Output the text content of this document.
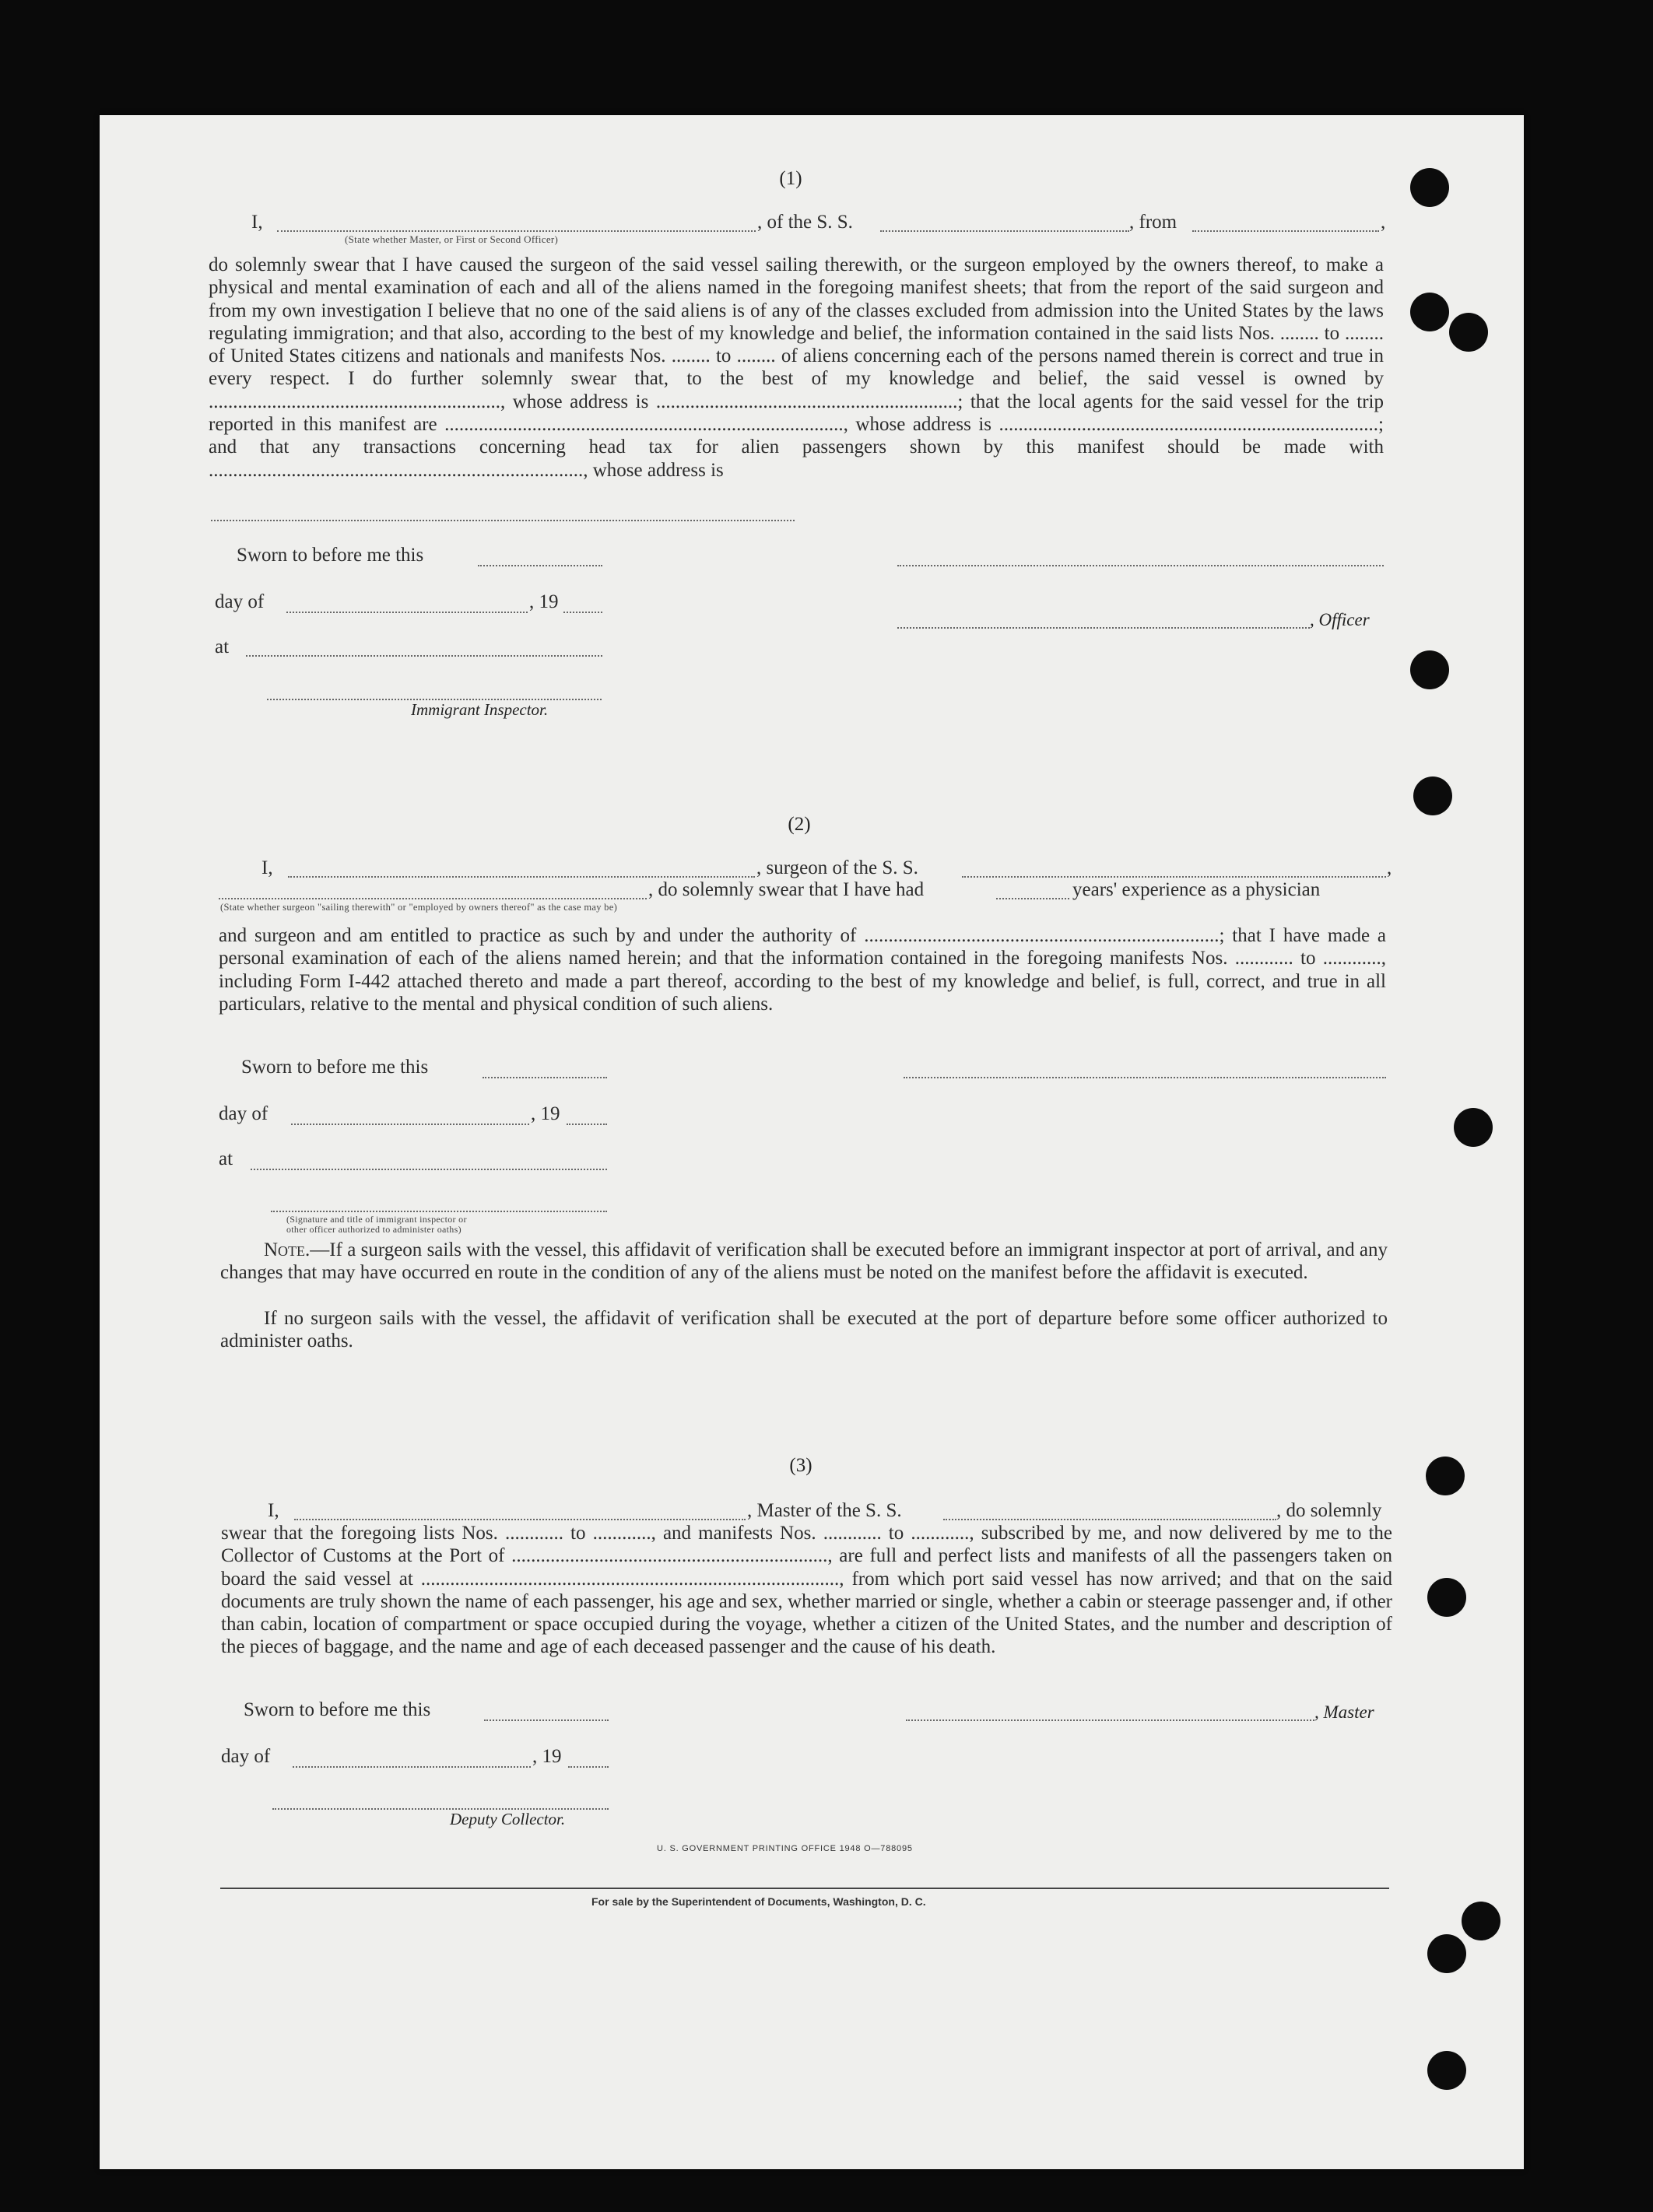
(1)
I,	, of the S. S.	, from	,
(State whether Master, or First or Second Officer)
do solemnly swear that I have caused the surgeon of the said vessel sailing therewith, or the surgeon employed by the owners thereof, to make a physical and mental examination of each and all of the aliens named in the foregoing manifest sheets; that from the report of the said surgeon and from my own investigation I believe that no one of the said aliens is of any of the classes excluded from admission into the United States by the laws regulating immigration; and that also, according to the best of my knowledge and belief, the information contained in the said lists Nos. ........ to ........ of United States citizens and nationals and manifests Nos. ........ to ........ of aliens concerning each of the persons named therein is correct and true in every respect. I do further solemnly swear that, to the best of my knowledge and belief, the said vessel is owned by ............................................................, whose address is ..............................................................; that the local agents for the said vessel for the trip reported in this manifest are .................................................................................., whose address is ..............................................................................; and that any transactions concerning head tax for alien passengers shown by this manifest should be made with ............................................................................., whose address is
Sworn to before me this
day of	, 19
, Officer
at
Immigrant Inspector.
(2)
I,	, surgeon of the S. S.	,
, do solemnly swear that I have had	years' experience as a physician
(State whether surgeon "sailing therewith" or "employed by owners thereof" as the case may be)
and surgeon and am entitled to practice as such by and under the authority of .........................................................................; that I have made a personal examination of each of the aliens named herein; and that the information contained in the foregoing manifests Nos. ............ to ............, including Form I-442 attached thereto and made a part thereof, according to the best of my knowledge and belief, is full, correct, and true in all particulars, relative to the mental and physical condition of such aliens.
Sworn to before me this
day of	, 19
at
(Signature and title of immigrant inspector or
other officer authorized to administer oaths)
Note.—If a surgeon sails with the vessel, this affidavit of verification shall be executed before an immigrant inspector at port of arrival, and any changes that may have occurred en route in the condition of any of the aliens must be noted on the manifest before the affidavit is executed.
If no surgeon sails with the vessel, the affidavit of verification shall be executed at the port of departure before some officer authorized to administer oaths.
(3)
I,	, Master of the S. S.	, do solemnly
swear that the foregoing lists Nos. ............ to ............, and manifests Nos. ............ to ............, subscribed by me, and now delivered by me to the Collector of Customs at the Port of ................................................................., are full and perfect lists and manifests of all the passengers taken on board the said vessel at ......................................................................................, from which port said vessel has now arrived; and that on the said documents are truly shown the name of each passenger, his age and sex, whether married or single, whether a cabin or steerage passenger and, if other than cabin, location of compartment or space occupied during the voyage, whether a citizen of the United States, and the number and description of the pieces of baggage, and the name and age of each deceased passenger and the cause of his death.
Sworn to before me this	, Master
day of	, 19
Deputy Collector.
U. S. GOVERNMENT PRINTING OFFICE 1948 O—788095
For sale by the Superintendent of Documents, Washington, D. C.
